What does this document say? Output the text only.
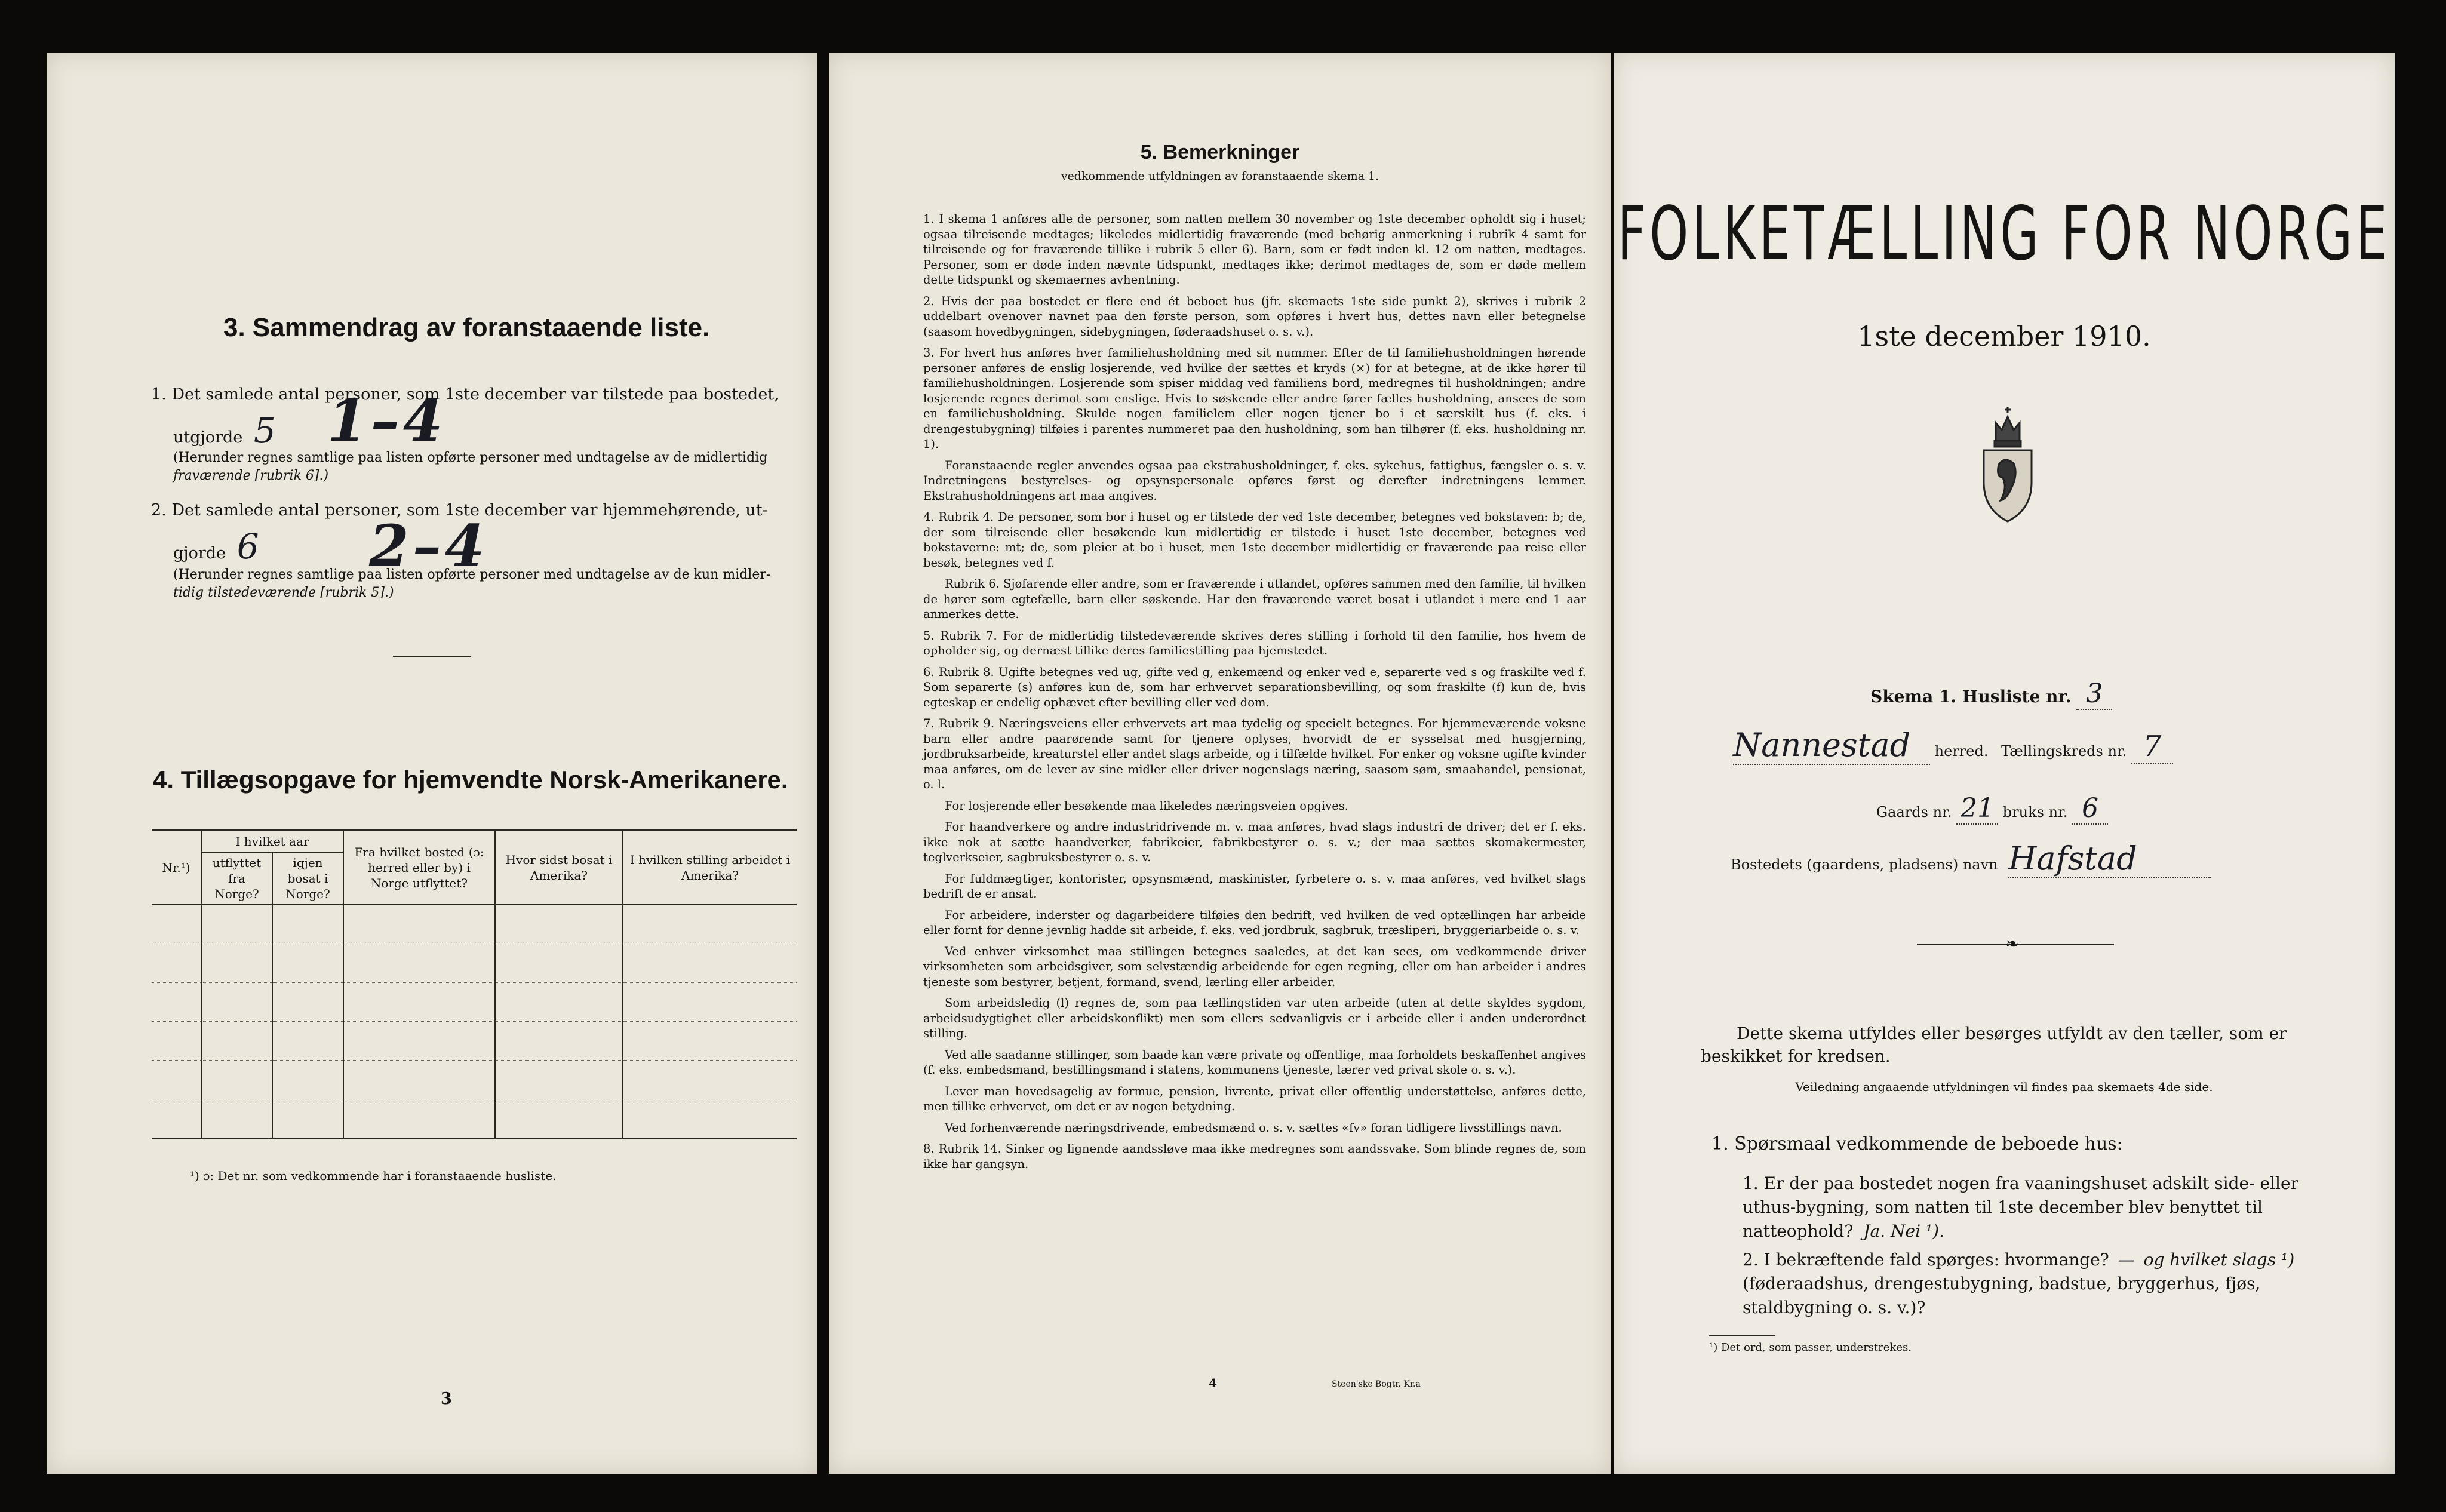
3. Sammendrag av foranstaaende liste.
1. Det samlede antal personer, som 1ste december var tilstede paa bostedet,
utgjorde 5 1–4
(Herunder regnes samtlige paa listen opførte personer med undtagelse av de midlertidig
fraværende [rubrik 6].)
2. Det samlede antal personer, som 1ste december var hjemmehørende, ut-
gjorde 6 2–4
(Herunder regnes samtlige paa listen opførte personer med undtagelse av de kun midler-
tidig tilstedeværende [rubrik 5].)
4. Tillægsopgave for hjemvendte Norsk-Amerikanere.
Nr.¹)	I hvilket aar		Fra hvilket bosted (ɔ: herred eller by) i Norge utflyttet?	Hvor sidst bosat i Amerika?	I hvilken stilling arbeidet i Amerika?
	utflyttet fra Norge?	igjen bosat i Norge?			

¹) ɔ: Det nr. som vedkommende har i foranstaaende husliste.
3
5. Bemerkninger
vedkommende utfyldningen av foranstaaende skema 1.

1. I skema 1 anføres alle de personer, som natten mellem 30 november og 1ste december opholdt sig i huset; ogsaa tilreisende medtages; likeledes midlertidig fraværende (med behørig anmerkning i rubrik 4 samt for tilreisende og for fraværende tillike i rubrik 5 eller 6). Barn, som er født inden kl. 12 om natten, medtages. Personer, som er døde inden nævnte tidspunkt, medtages ikke; derimot medtages de, som er døde mellem dette tidspunkt og skemaernes avhentning.

2. Hvis der paa bostedet er flere end ét beboet hus (jfr. skemaets 1ste side punkt 2), skrives i rubrik 2 uddelbart ovenover navnet paa den første person, som opføres i hvert hus, dettes navn eller betegnelse (saasom hovedbygningen, sidebygningen, føderaadshuset o. s. v.).

3. For hvert hus anføres hver familiehusholdning med sit nummer. Efter de til familiehusholdningen hørende personer anføres de enslig losjerende, ved hvilke der sættes et kryds (×) for at betegne, at de ikke hører til familiehusholdningen. Losjerende som spiser middag ved familiens bord, medregnes til husholdningen; andre losjerende regnes derimot som enslige. Hvis to søskende eller andre fører fælles husholdning, ansees de som en familiehusholdning. Skulde nogen familielem eller nogen tjener bo i et særskilt hus (f. eks. i drengestubygning) tilføies i parentes nummeret paa den husholdning, som han tilhører (f. eks. husholdning nr. 1).

Foranstaaende regler anvendes ogsaa paa ekstrahusholdninger, f. eks. sykehus, fattighus, fængsler o. s. v. Indretningens bestyrelses- og opsynspersonale opføres først og derefter indretningens lemmer. Ekstrahusholdningens art maa angives.

4. Rubrik 4. De personer, som bor i huset og er tilstede der ved 1ste december, betegnes ved bokstaven: b; de, der som tilreisende eller besøkende kun midlertidig er tilstede i huset 1ste december, betegnes ved bokstaverne: mt; de, som pleier at bo i huset, men 1ste december midlertidig er fraværende paa reise eller besøk, betegnes ved f.

Rubrik 6. Sjøfarende eller andre, som er fraværende i utlandet, opføres sammen med den familie, til hvilken de hører som egtefælle, barn eller søskende. Har den fraværende været bosat i utlandet i mere end 1 aar anmerkes dette.

5. Rubrik 7. For de midlertidig tilstedeværende skrives deres stilling i forhold til den familie, hos hvem de opholder sig, og dernæst tillike deres familiestilling paa hjemstedet.

6. Rubrik 8. Ugifte betegnes ved ug, gifte ved g, enkemænd og enker ved e, separerte ved s og fraskilte ved f. Som separerte (s) anføres kun de, som har erhvervet separationsbevilling, og som fraskilte (f) kun de, hvis egteskap er endelig ophævet efter bevilling eller ved dom.

7. Rubrik 9. Næringsveiens eller erhvervets art maa tydelig og specielt betegnes. For hjemmeværende voksne barn eller andre paarørende samt for tjenere oplyses, hvorvidt de er sysselsat med husgjerning, jordbruksarbeide, kreaturstel eller andet slags arbeide, og i tilfælde hvilket. For enker og voksne ugifte kvinder maa anføres, om de lever av sine midler eller driver nogenslags næring, saasom søm, smaahandel, pensionat, o. l.

For losjerende eller besøkende maa likeledes næringsveien opgives.

For haandverkere og andre industridrivende m. v. maa anføres, hvad slags industri de driver; det er f. eks. ikke nok at sætte haandverker, fabrikeier, fabrikbestyrer o. s. v.; der maa sættes skomakermester, teglverkseier, sagbruksbestyrer o. s. v.

For fuldmægtiger, kontorister, opsynsmænd, maskinister, fyrbetere o. s. v. maa anføres, ved hvilket slags bedrift de er ansat.

For arbeidere, inderster og dagarbeidere tilføies den bedrift, ved hvilken de ved optællingen har arbeide eller fornt for denne jevnlig hadde sit arbeide, f. eks. ved jordbruk, sagbruk, træsliperi, bryggeriarbeide o. s. v.

Ved enhver virksomhet maa stillingen betegnes saaledes, at det kan sees, om vedkommende driver virksomheten som arbeidsgiver, som selvstændig arbeidende for egen regning, eller om han arbeider i andres tjeneste som bestyrer, betjent, formand, svend, lærling eller arbeider.

Som arbeidsledig (l) regnes de, som paa tællingstiden var uten arbeide (uten at dette skyldes sygdom, arbeidsudygtighet eller arbeidskonflikt) men som ellers sedvanligvis er i arbeide eller i anden underordnet stilling.

Ved alle saadanne stillinger, som baade kan være private og offentlige, maa forholdets beskaffenhet angives (f. eks. embedsmand, bestillingsmand i statens, kommunens tjeneste, lærer ved privat skole o. s. v.).

Lever man hovedsagelig av formue, pension, livrente, privat eller offentlig understøttelse, anføres dette, men tillike erhvervet, om det er av nogen betydning.

Ved forhenværende næringsdrivende, embedsmænd o. s. v. sættes «fv» foran tidligere livsstillings navn.

8. Rubrik 14. Sinker og lignende aandssløve maa ikke medregnes som aandssvake. Som blinde regnes de, som ikke har gangsyn.

4	Steen'ske Bogtr. Kr.a
FOLKETÆLLING FOR NORGE
1ste december 1910.
Skema 1. Husliste nr. 3
Nannestad herred. Tællingskreds nr. 7
Gaards nr. 21 bruks nr. 6
Bostedets (gaardens, pladsens) navn Hafstad
❧
Dette skema utfyldes eller besørges utfyldt av den tæller, som er beskikket for kredsen.
Veiledning angaaende utfyldningen vil findes paa skemaets 4de side.
1. Spørsmaal vedkommende de beboede hus:
1. Er der paa bostedet nogen fra vaaningshuset adskilt side- eller uthus-bygning, som natten til 1ste december blev benyttet til natteophold? Ja. Nei ¹).
2. I bekræftende fald spørges: hvormange? — og hvilket slags ¹) (føderaadshus, drengestubygning, badstue, bryggerhus, fjøs, staldbygning o. s. v.)?
¹) Det ord, som passer, understrekes.
